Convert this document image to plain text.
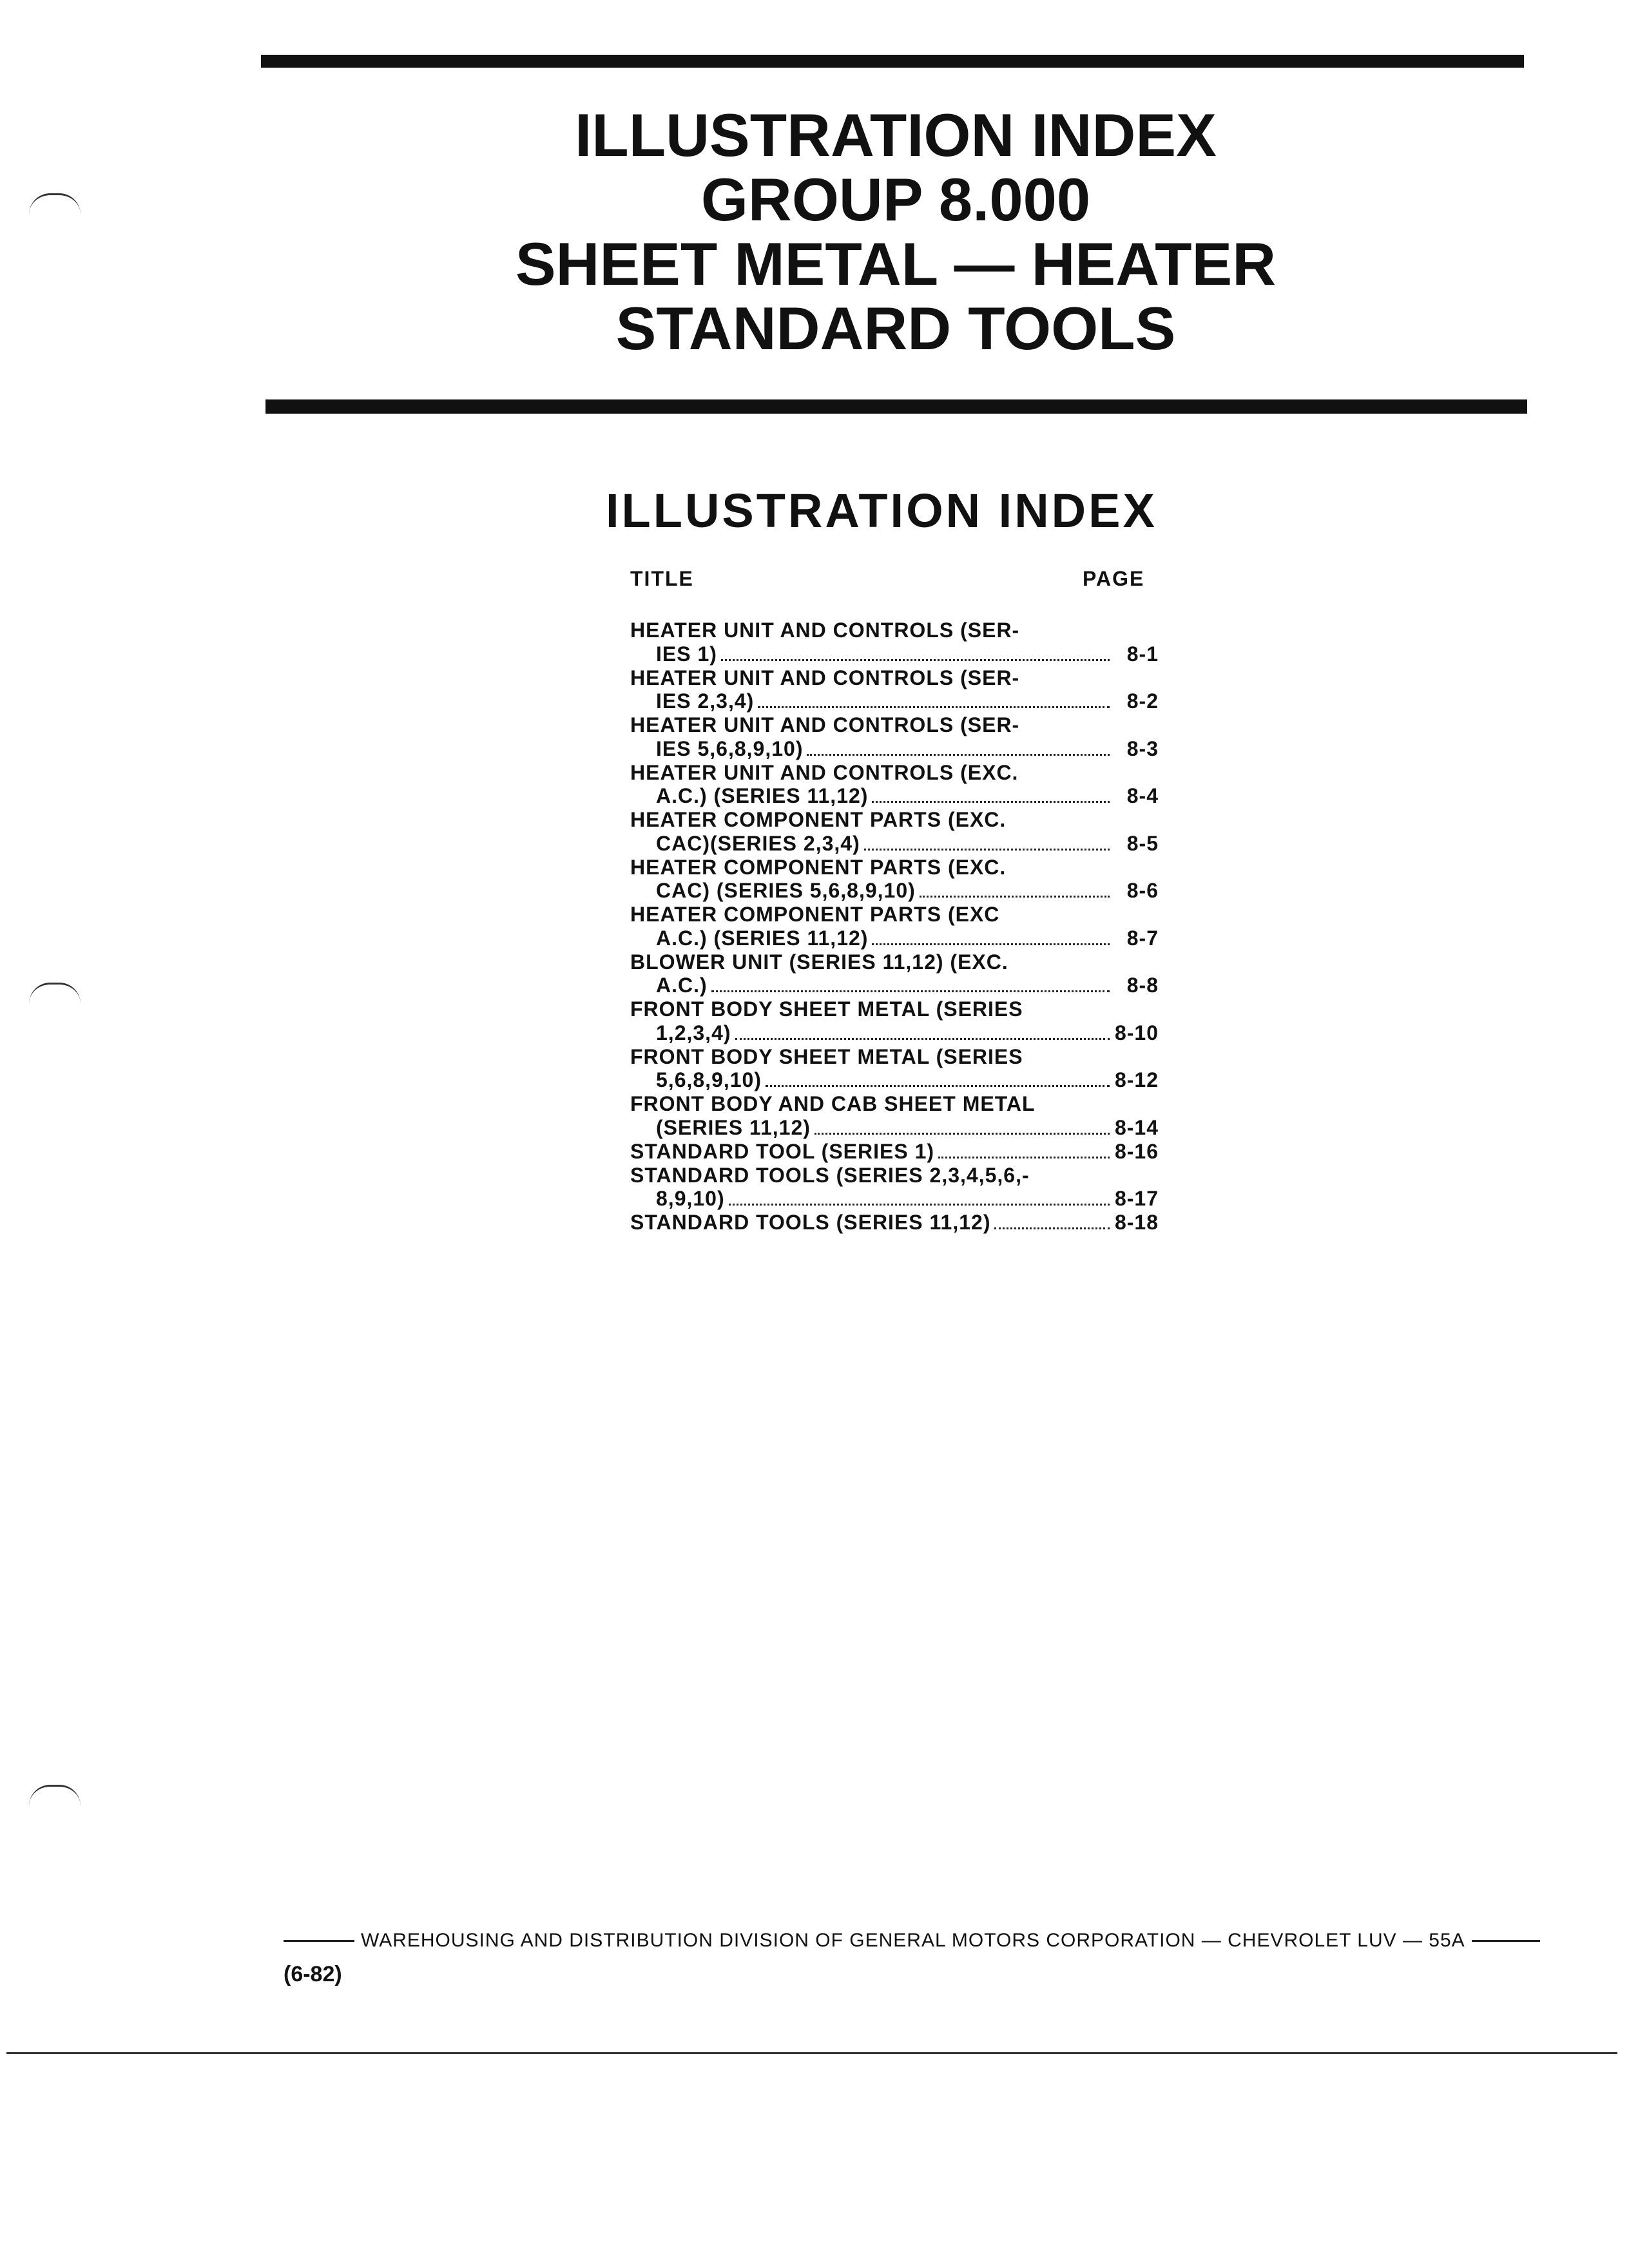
ILLUSTRATION INDEX
GROUP 8.000
SHEET METAL — HEATER
STANDARD TOOLS
ILLUSTRATION INDEX
TITLE	PAGE
HEATER UNIT AND CONTROLS (SER-
IES 1)	8-1
HEATER UNIT AND CONTROLS (SER-
IES 2,3,4)	8-2
HEATER UNIT AND CONTROLS (SER-
IES 5,6,8,9,10)	8-3
HEATER UNIT AND CONTROLS (EXC.
A.C.) (SERIES 11,12)	8-4
HEATER COMPONENT PARTS (EXC.
CAC)(SERIES 2,3,4)	8-5
HEATER COMPONENT PARTS (EXC.
CAC) (SERIES 5,6,8,9,10)	8-6
HEATER COMPONENT PARTS (EXC
A.C.) (SERIES 11,12)	8-7
BLOWER UNIT (SERIES 11,12) (EXC.
A.C.)	8-8
FRONT BODY SHEET METAL (SERIES
1,2,3,4)	8-10
FRONT BODY SHEET METAL (SERIES
5,6,8,9,10)	8-12
FRONT BODY AND CAB SHEET METAL
(SERIES 11,12)	8-14
STANDARD TOOL (SERIES 1)	8-16
STANDARD TOOLS (SERIES 2,3,4,5,6,-
8,9,10)	8-17
STANDARD TOOLS (SERIES 11,12)	8-18
WAREHOUSING AND DISTRIBUTION DIVISION OF GENERAL MOTORS CORPORATION — CHEVROLET LUV — 55A
(6-82)
